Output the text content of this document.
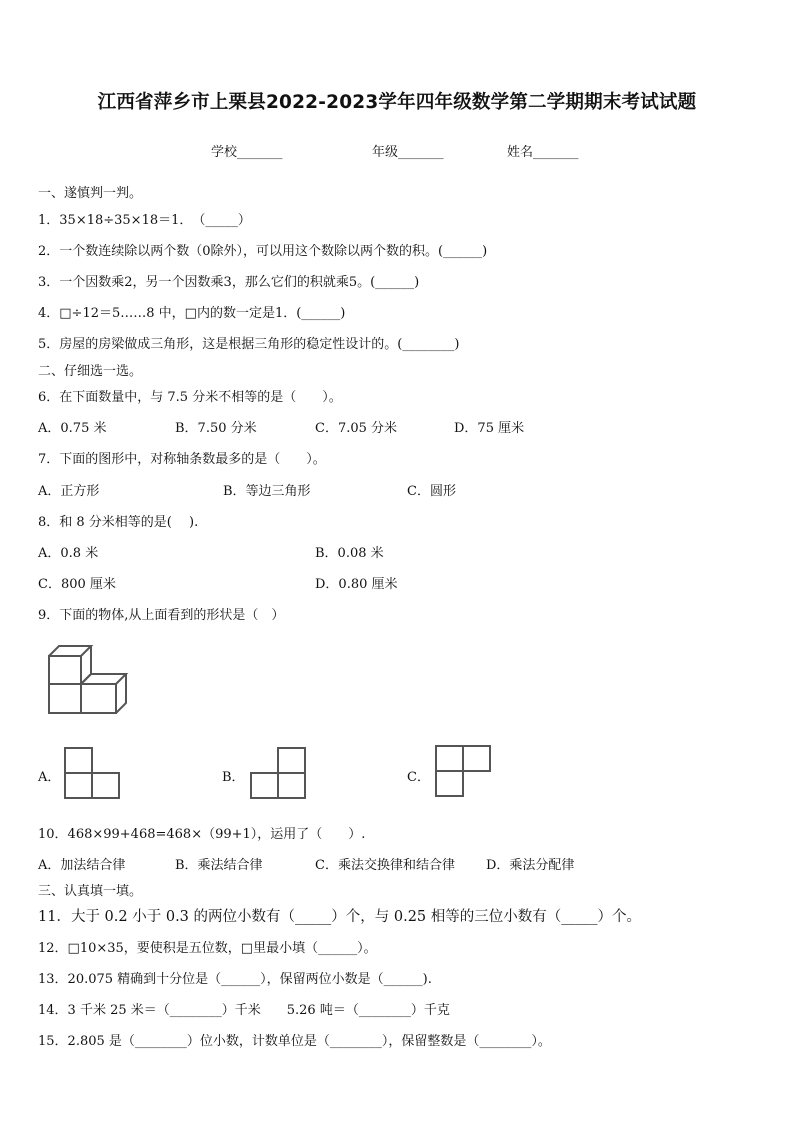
江西省萍乡市上栗县2022-2023学年四年级数学第二学期期末考试试题
学校_______	年级_______	姓名_______
一、遂慎判一判。
1．35×18÷35×18＝1．　（_____）
2．一个数连续除以两个数（0除外），可以用这个数除以两个数的积。(______)
3．一个因数乘2，另一个因数乘3，那么它们的积就乘5。(______)
4．□÷12＝5……8 中，□内的数一定是1．(______)
5．房屋的房梁做成三角形，这是根据三角形的稳定性设计的。(________)
二、仔细选一选。
6．在下面数量中，与 7.5 分米不相等的是（　　）。
A．0.75 米	B．7.50 分米	C．7.05 分米	D．75 厘米
7．下面的图形中，对称轴条数最多的是（　　）。
A．正方形	B．等边三角形	C．圆形
8．和 8 分米相等的是(　 ).
A．0.8 米	B．0.08 米
C．800 厘米	D．0.80 厘米
9．下面的物体,从上面看到的形状是（　）
A．	B．	C．
10．468×99+468=468×（99+1），运用了（　　）.
A．加法结合律	B．乘法结合律	C．乘法交换律和结合律 D．乘法分配律
三、认真填一填。
11．大于 0.2 小于 0.3 的两位小数有（_____）个，与 0.25 相等的三位小数有（_____）个。
12．□10×35，要使积是五位数，□里最小填（______）。
13．20.075 精确到十分位是（______），保留两位小数是（______).
14．3 千米 25 米＝（________）千米　　5.26 吨＝（________）千克
15．2.805 是（________）位小数，计数单位是（________），保留整数是（________）。
